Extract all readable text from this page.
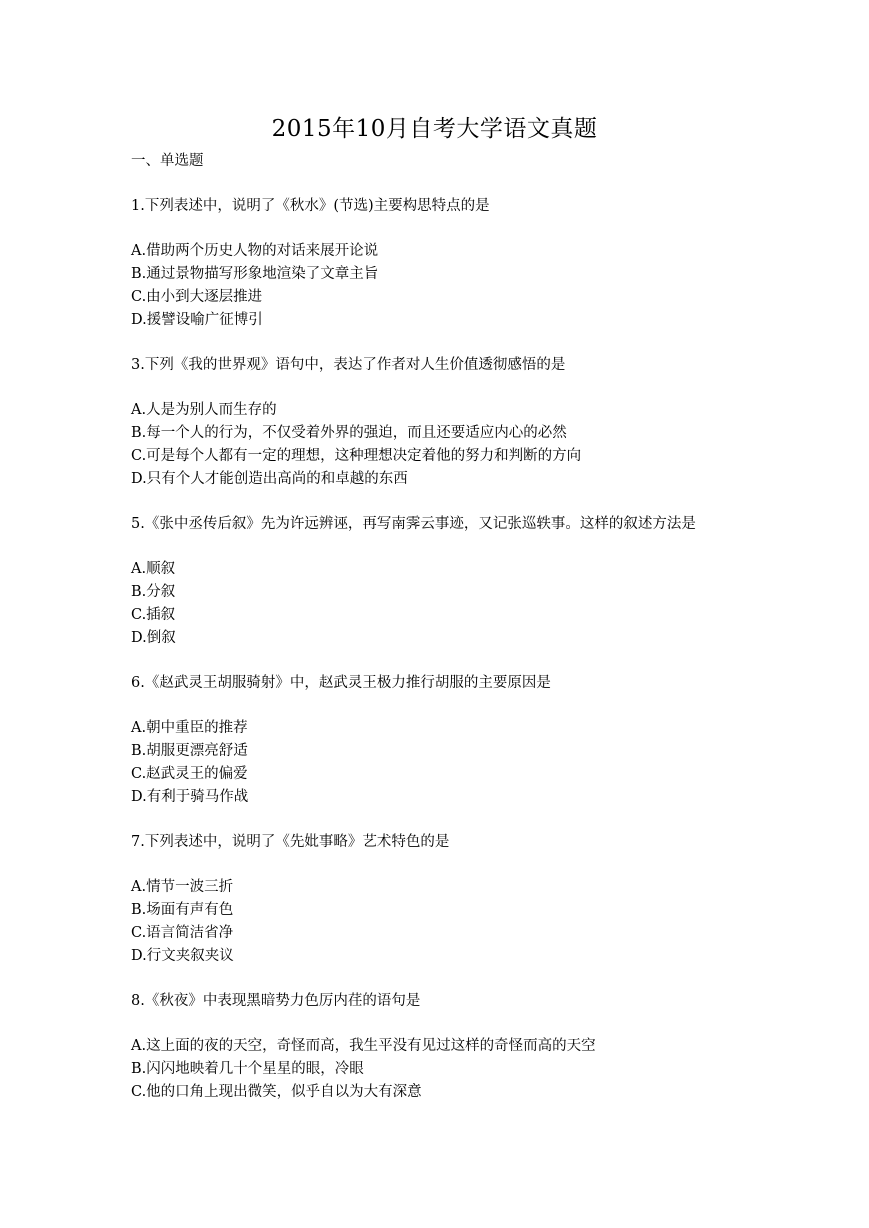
2015年10月自考大学语文真题
一、单选题
1.下列表述中，说明了《秋水》(节选)主要构思特点的是
A.借助两个历史人物的对话来展开论说
B.通过景物描写形象地渲染了文章主旨
C.由小到大逐层推进
D.援譬设喻广征博引
3.下列《我的世界观》语句中，表达了作者对人生价值透彻感悟的是
A.人是为别人而生存的
B.每一个人的行为，不仅受着外界的强迫，而且还要适应内心的必然
C.可是每个人都有一定的理想，这种理想决定着他的努力和判断的方向
D.只有个人才能创造出高尚的和卓越的东西
5.《张中丞传后叙》先为许远辨诬，再写南霁云事迹，又记张巡轶事。这样的叙述方法是
A.顺叙
B.分叙
C.插叙
D.倒叙
6.《赵武灵王胡服骑射》中，赵武灵王极力推行胡服的主要原因是
A.朝中重臣的推荐
B.胡服更漂亮舒适
C.赵武灵王的偏爱
D.有利于骑马作战
7.下列表述中，说明了《先妣事略》艺术特色的是
A.情节一波三折
B.场面有声有色
C.语言简洁省净
D.行文夹叙夹议
8.《秋夜》中表现黑暗势力色厉内荏的语句是
A.这上面的夜的天空，奇怪而高，我生平没有见过这样的奇怪而高的天空
B.闪闪地映着几十个星星的眼，冷眼
C.他的口角上现出微笑，似乎自以为大有深意
